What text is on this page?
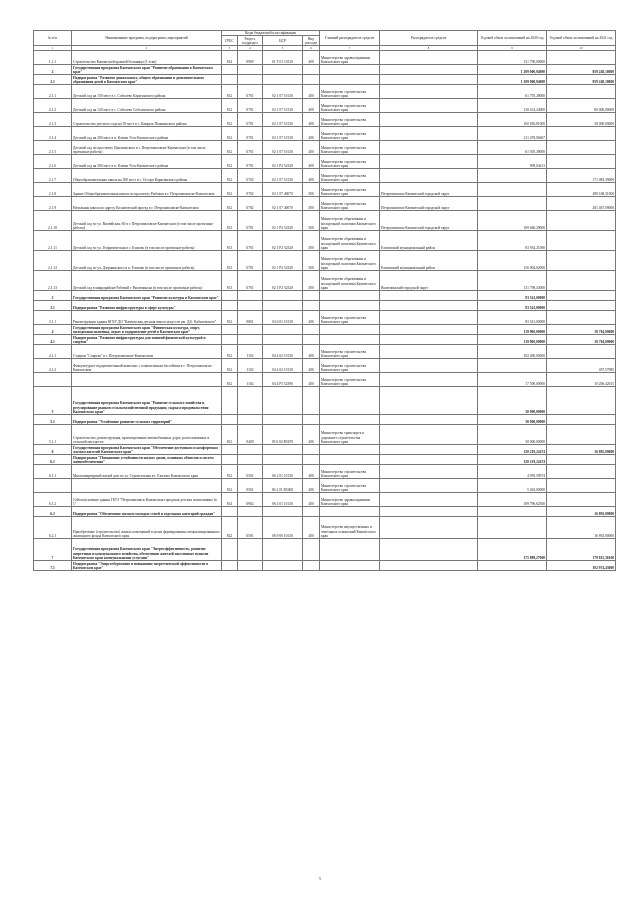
№ п/п	Наименование программ, подпрограмм, мероприятий	Коды бюджетной классификации				Главный распорядитель средств	Распорядитель средств	Годовой объем ассигнований на 2020 год	Годовой объем ассигнований на 2021 год
		ГРБС	Раздел, подраздел	ЦСР	Вид расхода				
1	2	3	4	5	6	7	8	9	10
1.1.1	Строительство Камчатской краевой больницы (1 этап)	814	0909	01 Т 01 10130	400	Министерство здравоохранения Камчатского края		131 790,00000	
2	Государственная программа Камчатского края "Развитие образования в Камчатском крае"							1 209 000,94000	859 248,18000
2.1	Подпрограмма "Развитие дошкольного, общего образования и дополнительного образования детей в Камчатском крае"							1 209 000,94000	859 248,18000
2.1.1	Детский сад на 150 мест в с. Соболево Карагинского района	812	0701	02 1 07 10130	400	Министерство строительства Камчатского края		61 795,28000	
2.1.2	Детский сад на 120 мест в с. Соболево Соболевского района	812	0701	02 1 07 10130	400	Министерство строительства Камчатского края		130 414,24000	80 000,00000
2.1.3	Строительство детского сада на 50 мест в с. Кавраль Пенжинского района	812	0701	02 1 07 10130	400	Министерство строительства Камчатского края		160 836,81000	38 000,00000
2.1.4	Детский сад на 200 мест в п. Ключи Усть-Камчатского района	812	0701	02 1 07 10130	400	Министерство строительства Камчатского края		211 478,06667	
2.1.5	Детский сад по проспекту Циолковского в г. Петропавловске-Камчатском (в том числе проектные работы)	812	0701	02 1 07 10130	400	Министерство строительства Камчатского края		61 505,38000	
2.1.6	Детский сад на 300 мест в п. Ключи Усть-Камчатского района	812	0701	02 1 P2 52320	400	Министерство строительства Камчатского края		909,04413	
2.1.7	Общеобразовательная школа на 300 мест в с. Оссора Карагинского района	812	0702	02 1 07 10130	400	Министерство строительства Камчатского края			171 083,39000
2.1.8	Здание Общеобразовательная школа по проспекту Рыбаков в г. Петропавловске-Камчатском	812	0702	02 1 07 40070	500	Министерство строительства Камчатского края	Петропавловск-Камчатский городской округ		288 168,31000
2.1.9	Начальная школа по адресу Космический проезд в г. Петропавловске-Камчатском	812	0702	02 1 07 40070	500	Министерство строительства Камчатского края	Петропавловск-Камчатский городской округ		281 467,69000
2.1.10	Детский сад по ул. Вилюйская, 60 в г. Петропавловске-Камчатском (в том числе проектные работы)	813	0701	02 1 P2 52320	500	Министерство образования и молодежной политики Камчатского края	Петропавловск-Камчатский городской округ	169 660,29000	
2.1.11	Детский сад по ул. Геофизическая в г. Елизово (в том числе проектные работы)	813	0701	02 1 P2 52320	500	Министерство образования и молодежной политики Камчатского края	Елизовский муниципальный район	83 934,21000	
2.1.12	Детский сад по ул. Дзержинского в п. Елизово (в том числе проектные работы)	813	0701	02 1 P2 52320	500	Министерство образования и молодежной политики Камчатского края	Елизовский муниципальный район	156 904,62000	
2.1.13	Детский сад в микрорайоне Рабочий г. Вилючинска (в том числе проектные работы)	813	0701	02 1 P2 52320	500	Министерство образования и молодежной политики Камчатского края	Вилючинский городской округ	131 798,43000	
3	Государственная программа Камчатского края "Развитие культуры в Камчатском крае"							83 541,00000	
3.1	Подпрограмма "Развитие инфраструктуры в сфере культуры"							83 541,00000	
3.1.1	Реконструкция здания КГБУ ДО "Камчатская детская школа искусств им. Д.Б. Кабалевского"	812	0801	03 6 01 10130	400	Министерство строительства Камчатского края		83 541,00000	
4	Государственная программа Камчатского края "Физическая культура, спорт, молодежная политика, отдых и оздоровление детей в Камчатском крае"							119 900,00000	10 704,00000
4.1	Подпрограмма "Развитие инфраструктуры для занятий физической культурой и спортом"							119 900,00000	10 704,00000
4.1.1	Стадион "Спартак" в г. Петропавловске-Камчатском	812	1102	04 4 02 10130	400	Министерство строительства Камчатского края		102 400,00000	
4.1.2	Физкультурно-оздоровительный комплекс с плавательным бассейном в с. Петропавловске-Камчатском	812	1102	04 4 02 10130	400	Министерство строительства Камчатского края			497,57985
		812	1102	04 4 P5 52390	400	Министерство строительства Камчатского края		17 500,00000	10 206,42015
5	Государственная программа Камчатского края "Развитие сельского хозяйства и регулирование рынков сельскохозяйственной продукции, сырья и продовольствия Камчатского края"							30 000,00000	
5.1	Подпрограмма "Устойчивое развитие сельских территорий"							30 000,00000	
5.1.1	Строительство, реконструкция, проектирование автомобильных дорог, расположенных в сельской местности	821	0409	05 6 02 R5670	400	Министерство транспорта и дорожного строительства Камчатского края		30 000,00000	
6	Государственная программа Камчатского края "Обеспечение доступным и комфортным жильем жителей Камчатского края"							120 219,22474	16 892,00000
6.1	Подпрограмма "Повышение устойчивости жилых домов, основных объектов и систем жизнеобеспечения"							120 219,22474	
6.1.1	Многоквартирный жилой дом по ул. Строительная в г. Елизово Камчатского края	812	0501	06 2 01 10130	400	Министерство строительства Камчатского края		4 959,59974	
		812	0501	06 2 01 R5400	400	Министерство строительства Камчатского края		5 463,00000	
6.1.2	Сейсмоусиление здания ГБУЗ "Петропавловск-Камчатская городская детская поликлиника № 1"	814	0902	06 2 01 10130	400	Министерство здравоохранения Камчатского края		109 796,62500	
6.2	Подпрограмма "Обеспечение жильем молодых семей и отдельных категорий граждан"								16 892,00000
6.2.1	Приобретение (строительство) жилых помещений в целях формирования специализированного жилищного фонда Камчатского края	822	0501	06 9 06 10130	400	Министерство имущественных и земельных отношений Камчатского края			16 892,00000
7	Государственная программа Камчатского края "Энергоэффективность, развитие энергетики и коммунального хозяйства, обеспечение жителей населенных пунктов Камчатского края коммунальными услугами"							175 889,27000	179 815,36100
7.1	Подпрограмма "Энергосбережение и повышение энергетической эффективности в Камчатском крае"								102 974,43000
5
